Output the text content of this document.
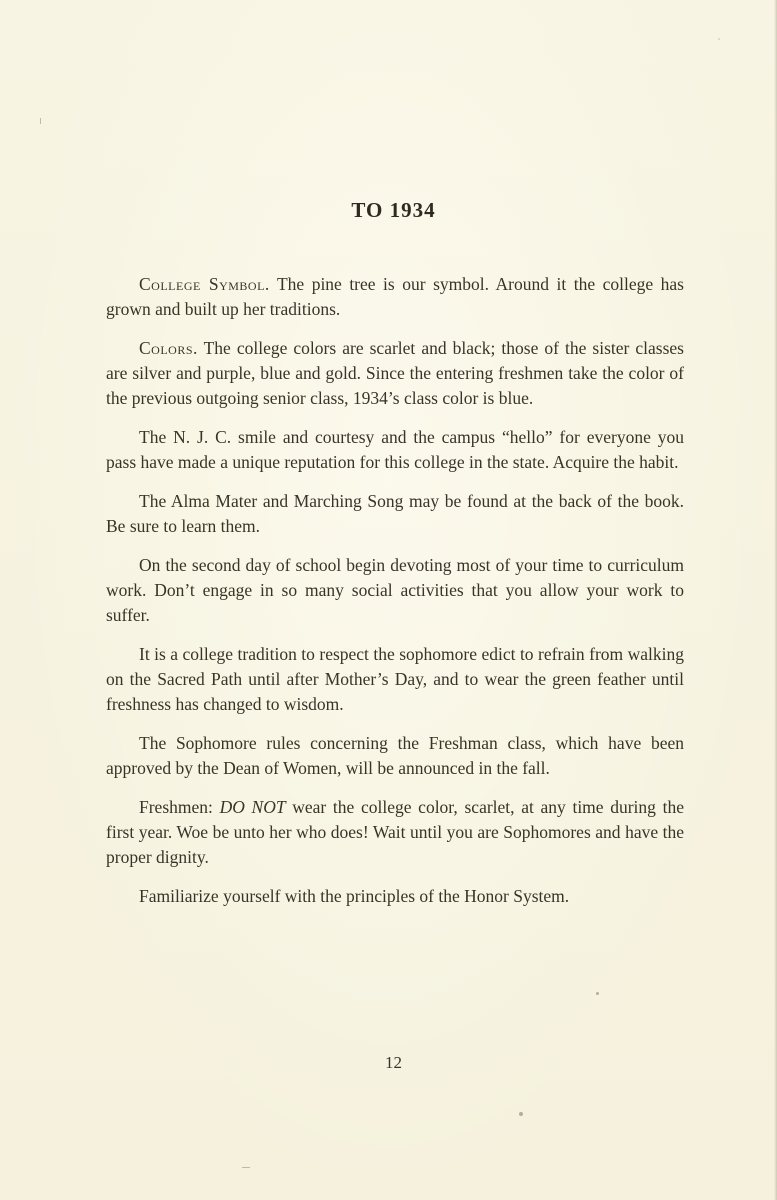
TO 1934

College Symbol. The pine tree is our symbol. Around it the college has grown and built up her traditions.

Colors. The college colors are scarlet and black; those of the sister classes are silver and purple, blue and gold. Since the entering freshmen take the color of the previous outgoing senior class, 1934’s class color is blue.

The N. J. C. smile and courtesy and the campus “hello” for everyone you pass have made a unique reputation for this college in the state. Acquire the habit.

The Alma Mater and Marching Song may be found at the back of the book. Be sure to learn them.

On the second day of school begin devoting most of your time to curriculum work. Don’t engage in so many social activities that you allow your work to suffer.

It is a college tradition to respect the sophomore edict to refrain from walking on the Sacred Path until after Mother’s Day, and to wear the green feather until freshness has changed to wisdom.

The Sophomore rules concerning the Freshman class, which have been approved by the Dean of Women, will be announced in the fall.

Freshmen: DO NOT wear the college color, scarlet, at any time during the first year. Woe be unto her who does! Wait until you are Sophomores and have the proper dignity.

Familiarize yourself with the principles of the Honor System.

12
